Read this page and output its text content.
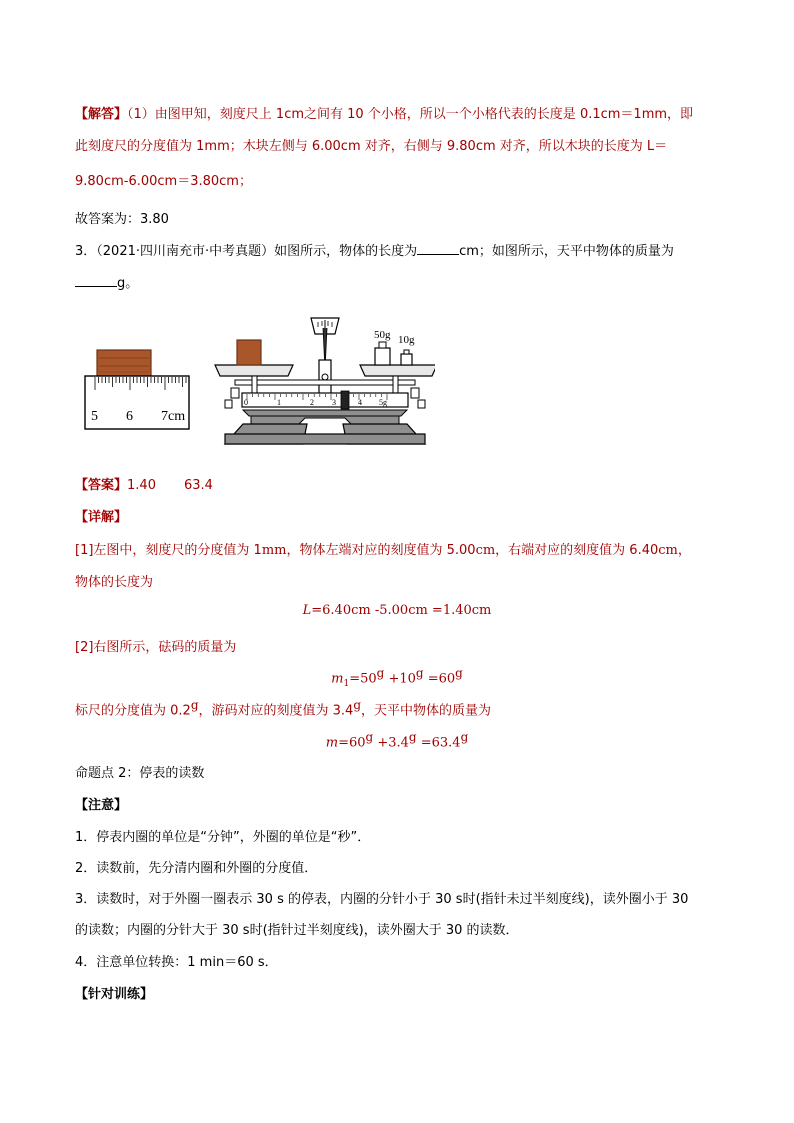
【解答】（1）由图甲知，刻度尺上 1cm之间有 10 个小格，所以一个小格代表的长度是 0.1cm＝1mm，即
此刻度尺的分度值为 1mm；木块左侧与 6.00cm 对齐，右侧与 9.80cm 对齐，所以木块的长度为 L＝
9.80cm-6.00cm＝3.80cm；
故答案为：3.80
3．（2021·四川南充市·中考真题）如图所示，物体的长度为	cm；如图所示，天平中物体的质量为
g。
5 6 7cm
50g 10g
0	1	2 3	4 5g
【答案】1.40 63.4
【详解】
[1]左图中，刻度尺的分度值为 1mm，物体左端对应的刻度值为 5.00cm，右端对应的刻度值为 6.40cm，
物体的长度为
L=6.40cm -5.00cm =1.40cm
[2]右图所示，砝码的质量为
$m_1=50^g +10^g =60^g$
标尺的分度值为 0.2$^g$，游码对应的刻度值为 3.4$^g$，天平中物体的质量为
$m=60^g +3.4^g =63.4^g$
命题点 2：停表的读数
【注意】
1．停表内圈的单位是“分钟”，外圈的单位是“秒”．
2．读数前，先分清内圈和外圈的分度值．
3．读数时，对于外圈一圈表示 30 s 的停表，内圈的分针小于 30 s时(指针未过半刻度线)，读外圈小于 30
的读数；内圈的分针大于 30 s时(指针过半刻度线)，读外圈大于 30 的读数．
4．注意单位转换：1 min＝60 s．
【针对训练】
